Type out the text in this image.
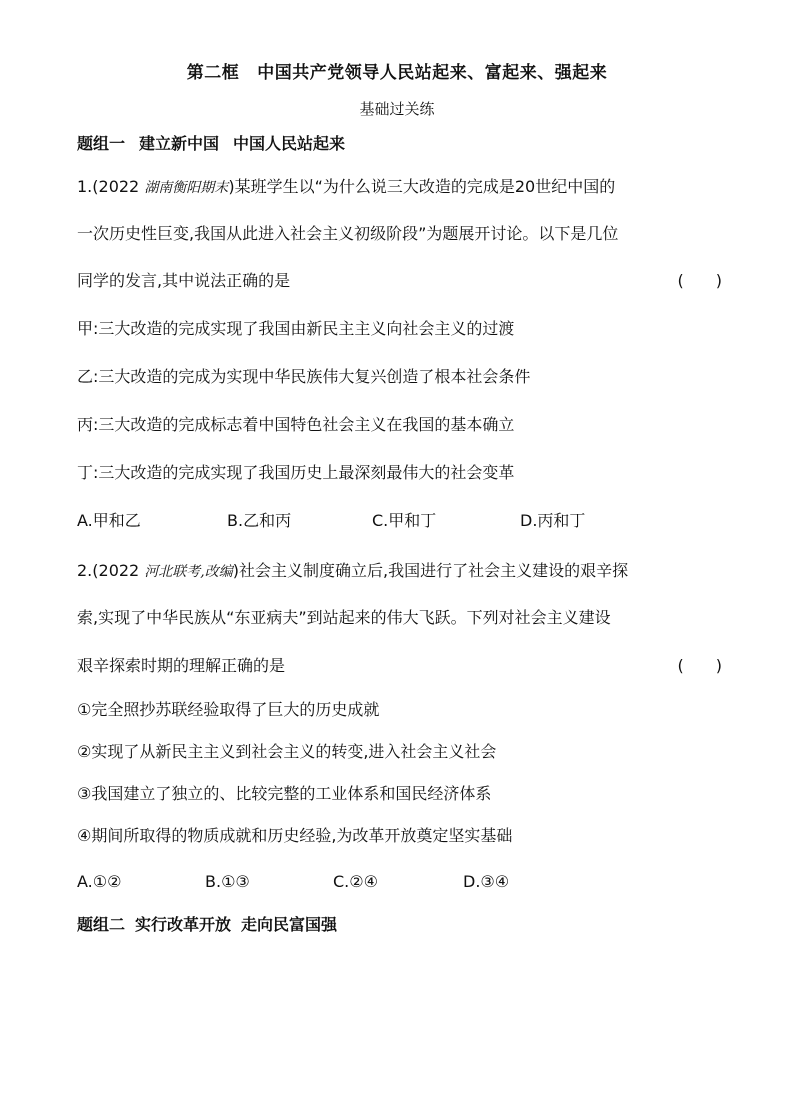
第二框 中国共产党领导人民站起来、富起来、强起来
基础过关练
题组一 建立新中国 中国人民站起来
1.(2022 湖南衡阳期末)某班学生以“为什么说三大改造的完成是20世纪中国的
一次历史性巨变,我国从此进入社会主义初级阶段”为题展开讨论。以下是几位
同学的发言,其中说法正确的是	(　　)
甲:三大改造的完成实现了我国由新民主主义向社会主义的过渡
乙:三大改造的完成为实现中华民族伟大复兴创造了根本社会条件
丙:三大改造的完成标志着中国特色社会主义在我国的基本确立
丁:三大改造的完成实现了我国历史上最深刻最伟大的社会变革
A.甲和乙	B.乙和丙	C.甲和丁	D.丙和丁
2.(2022 河北联考,改编)社会主义制度确立后,我国进行了社会主义建设的艰辛探
索,实现了中华民族从“东亚病夫”到站起来的伟大飞跃。下列对社会主义建设
艰辛探索时期的理解正确的是	(　　)
①完全照抄苏联经验取得了巨大的历史成就
②实现了从新民主主义到社会主义的转变,进入社会主义社会
③我国建立了独立的、比较完整的工业体系和国民经济体系
④期间所取得的物质成就和历史经验,为改革开放奠定坚实基础
A.①②	B.①③	C.②④	D.③④
题组二 实行改革开放 走向民富国强
